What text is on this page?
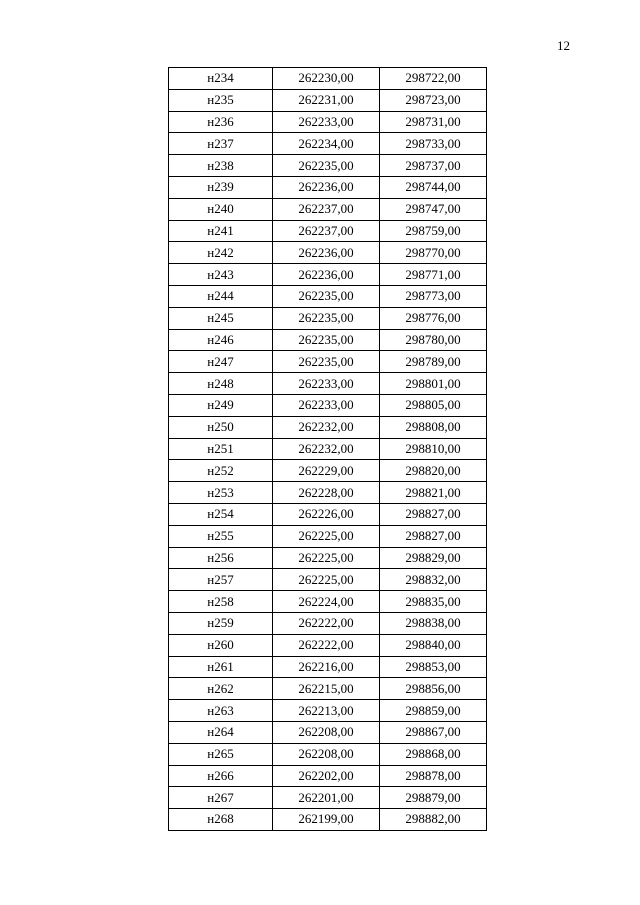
12
н234	262230,00	298722,00
н235	262231,00	298723,00
н236	262233,00	298731,00
н237	262234,00	298733,00
н238	262235,00	298737,00
н239	262236,00	298744,00
н240	262237,00	298747,00
н241	262237,00	298759,00
н242	262236,00	298770,00
н243	262236,00	298771,00
н244	262235,00	298773,00
н245	262235,00	298776,00
н246	262235,00	298780,00
н247	262235,00	298789,00
н248	262233,00	298801,00
н249	262233,00	298805,00
н250	262232,00	298808,00
н251	262232,00	298810,00
н252	262229,00	298820,00
н253	262228,00	298821,00
н254	262226,00	298827,00
н255	262225,00	298827,00
н256	262225,00	298829,00
н257	262225,00	298832,00
н258	262224,00	298835,00
н259	262222,00	298838,00
н260	262222,00	298840,00
н261	262216,00	298853,00
н262	262215,00	298856,00
н263	262213,00	298859,00
н264	262208,00	298867,00
н265	262208,00	298868,00
н266	262202,00	298878,00
н267	262201,00	298879,00
н268	262199,00	298882,00
